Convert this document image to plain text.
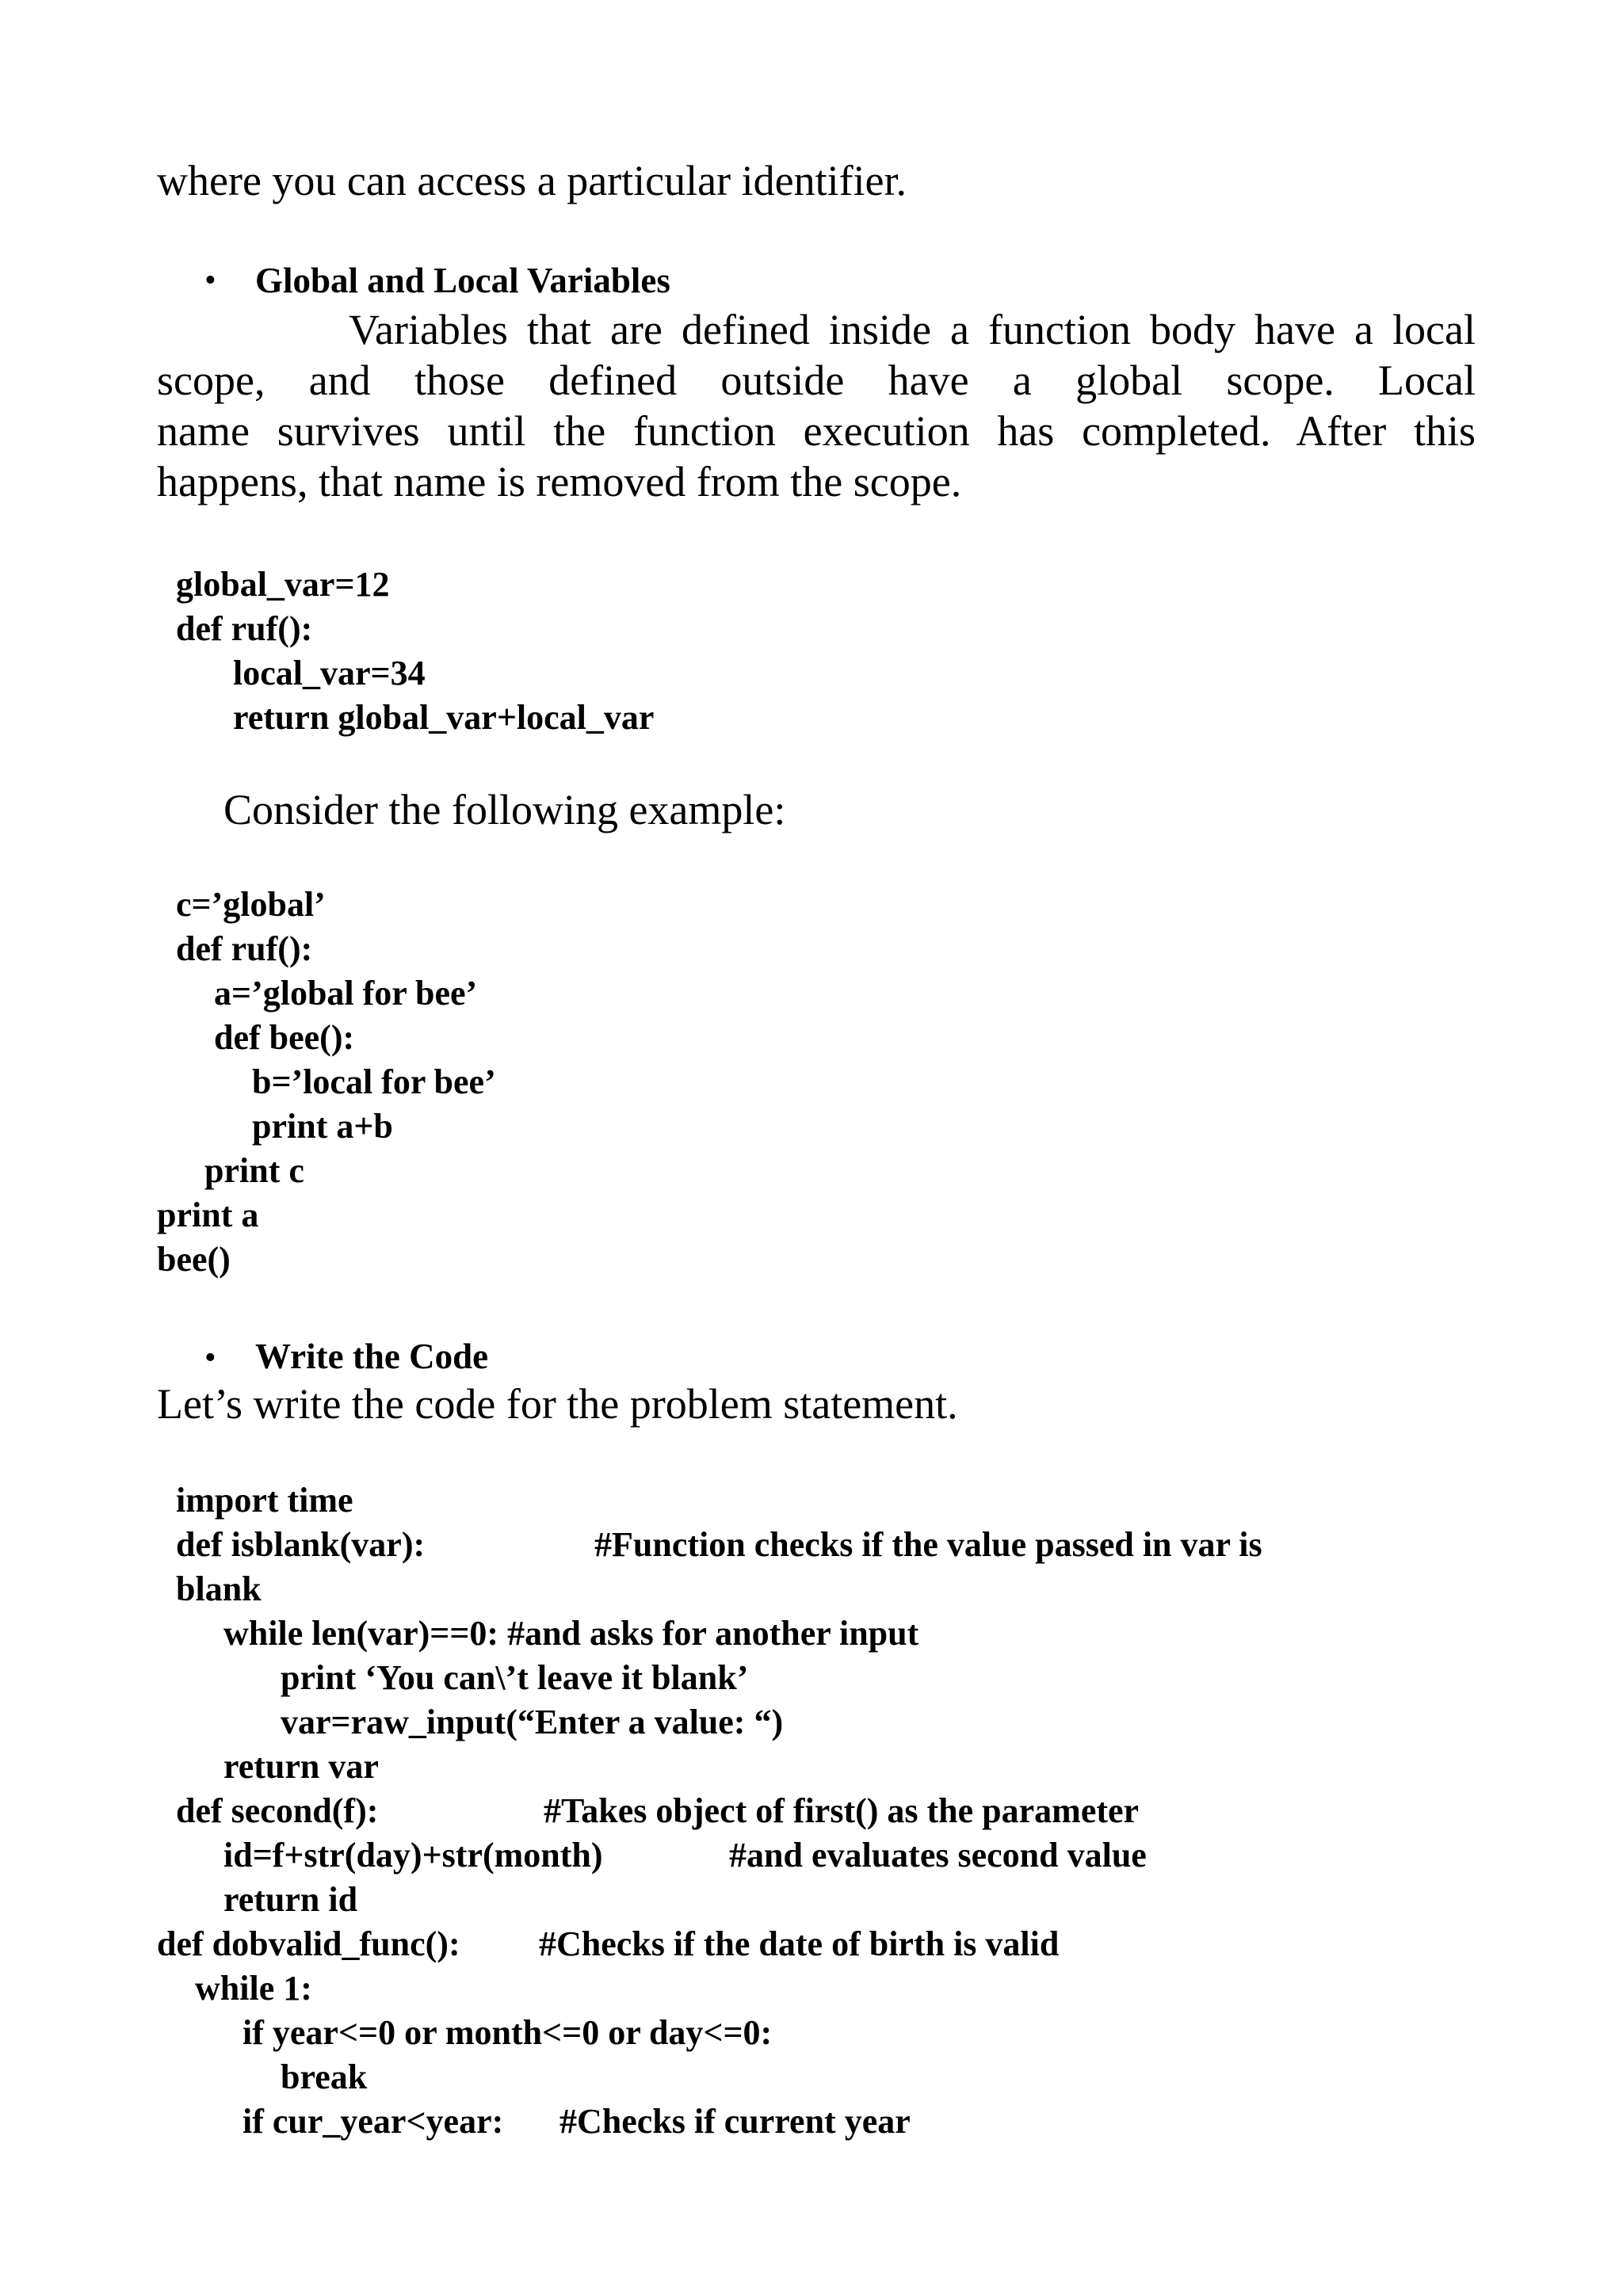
where you can access a particular identifier.
• Global and Local Variables
Variables that are defined inside a function body have a local
scope, and those defined outside have a global scope. Local
name survives until the function execution has completed. After this
happens, that name is removed from the scope.
global_var=12
def ruf():
local_var=34
return global_var+local_var
Consider the following example:
c=’global’
def ruf():
a=’global for bee’
def bee():
b=’local for bee’
print a+b
print c
print a
bee()
• Write the Code
Let’s write the code for the problem statement.
import time
def isblank(var):	#Function checks if the value passed in var is
blank
while len(var)==0: #and asks for another input
print ‘You can\’t leave it blank’
var=raw_input(“Enter a value: “)
return var
def second(f):	#Takes object of first() as the parameter
id=f+str(day)+str(month)	#and evaluates second value
return id
def dobvalid_func(): #Checks if the date of birth is valid
while 1:
if year<=0 or month<=0 or day<=0:
break
if cur_year<year: #Checks if current year
